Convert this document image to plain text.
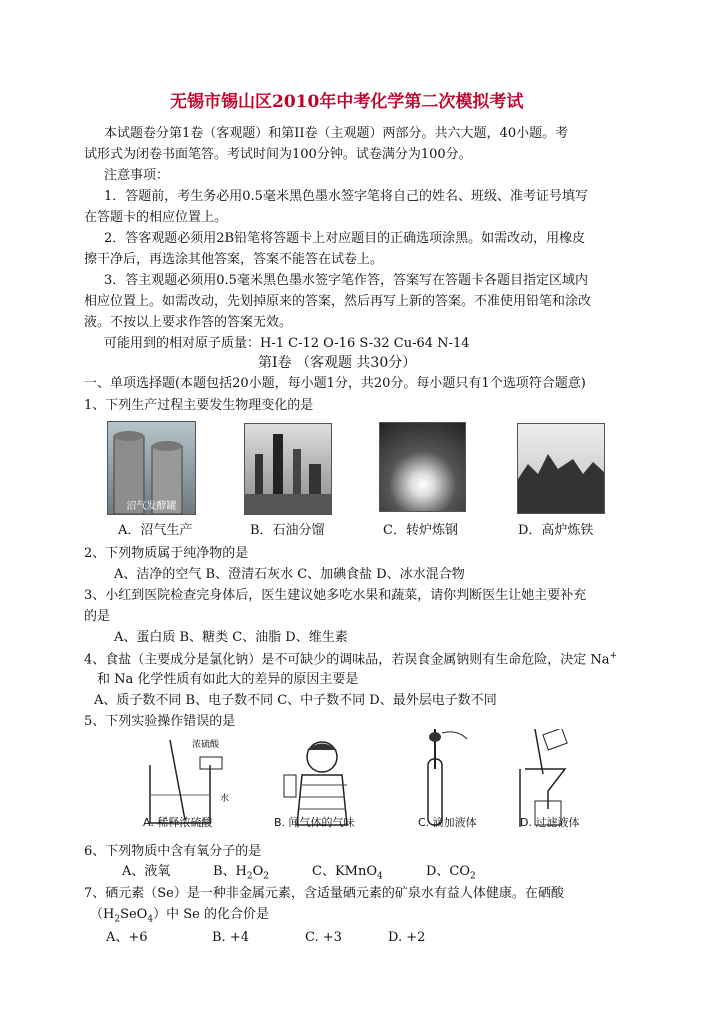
无锡市锡山区2010年中考化学第二次模拟考试
本试题卷分第1卷（客观题）和第II卷（主观题）两部分。共六大题，40小题。考
试形式为闭卷书面笔答。考试时间为100分钟。试卷满分为100分。
注意事项：
1．答题前，考生务必用0.5毫米黑色墨水签字笔将自己的姓名、班级、准考证号填写
在答题卡的相应位置上。
2．答客观题必须用2B铅笔将答题卡上对应题目的正确选项涂黑。如需改动，用橡皮
擦干净后，再选涂其他答案，答案不能答在试卷上。
3．答主观题必须用0.5毫米黑色墨水签字笔作答，答案写在答题卡各题目指定区域内
相应位置上。如需改动，先划掉原来的答案，然后再写上新的答案。不准使用铅笔和涂改
液。不按以上要求作答的答案无效。
可能用到的相对原子质量：H-1 C-12 O-16 S-32 Cu-64 N-14
第Ⅰ卷 （客观题 共30分）
一、单项选择题(本题包括20小题，每小题1分，共20分。每小题只有1个选项符合题意)
1、下列生产过程主要发生物理变化的是
沼气发酵罐
A．沼气生产	B．石油分馏	C．转炉炼钢	D．高炉炼铁
2、下列物质属于纯净物的是
A、洁净的空气 B、澄清石灰水 C、加碘食盐 D、冰水混合物
3、小红到医院检查完身体后，医生建议她多吃水果和蔬菜，请你判断医生让她主要补充
的是
A、蛋白质 B、糖类 C、油脂 D、维生素
4、食盐（主要成分是氯化钠）是不可缺少的调味品，若误食金属钠则有生命危险，决定 Na+
和 Na 化学性质有如此大的差异的原因主要是
A、质子数不同 B、电子数不同 C、中子数不同 D、最外层电子数不同
5、下列实验操作错误的是
浓硫酸
水
A. 稀释浓硫酸	B. 闻气体的气味	C. 滴加液体	D. 过滤液体
6、下列物质中含有氧分子的是
A、液氧	B、$H_2O_2$	C、KMnO$_4$	D、$CO_2$
7、硒元素（Se）是一种非金属元素，含适量硒元素的矿泉水有益人体健康。在硒酸
$(H_2SeO_4)$中 Se 的化合价是
A、+6	B. +4	C. +3	D. +2
